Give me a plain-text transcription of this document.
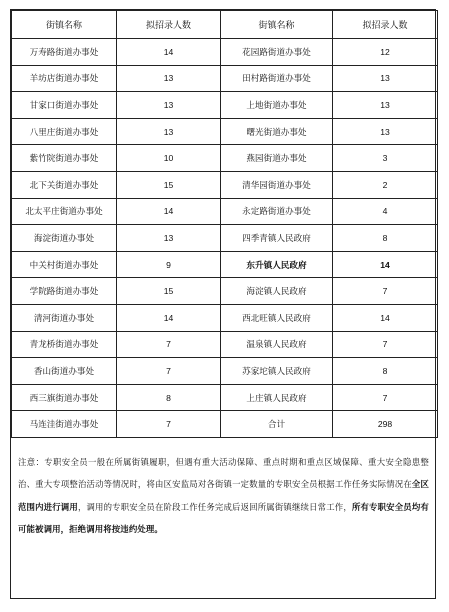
街镇名称	拟招录人数	街镇名称	拟招录人数
万寿路街道办事处	14	花园路街道办事处	12
羊坊店街道办事处	13	田村路街道办事处	13
甘家口街道办事处	13	上地街道办事处	13
八里庄街道办事处	13	曙光街道办事处	13
紫竹院街道办事处	10	燕园街道办事处	3
北下关街道办事处	15	清华园街道办事处	2
北太平庄街道办事处	14	永定路街道办事处	4
海淀街道办事处	13	四季青镇人民政府	8
中关村街道办事处	9	东升镇人民政府	14
学院路街道办事处	15	海淀镇人民政府	7
清河街道办事处	14	西北旺镇人民政府	14
青龙桥街道办事处	7	温泉镇人民政府	7
香山街道办事处	7	苏家坨镇人民政府	8
西三旗街道办事处	8	上庄镇人民政府	7
马连洼街道办事处	7	合计	298
注意：专职安全员一般在所属街镇履职，但遇有重大活动保障、重点时期和重点区域保障、重大安全隐患整治、重大专项整治活动等情况时，将由区安监局对各街镇一定数量的专职安全员根据工作任务实际情况在全区范围内进行调用，调用的专职安全员在阶段工作任务完成后返回所属街镇继续日常工作，所有专职安全员均有可能被调用，拒绝调用将按违约处理。
